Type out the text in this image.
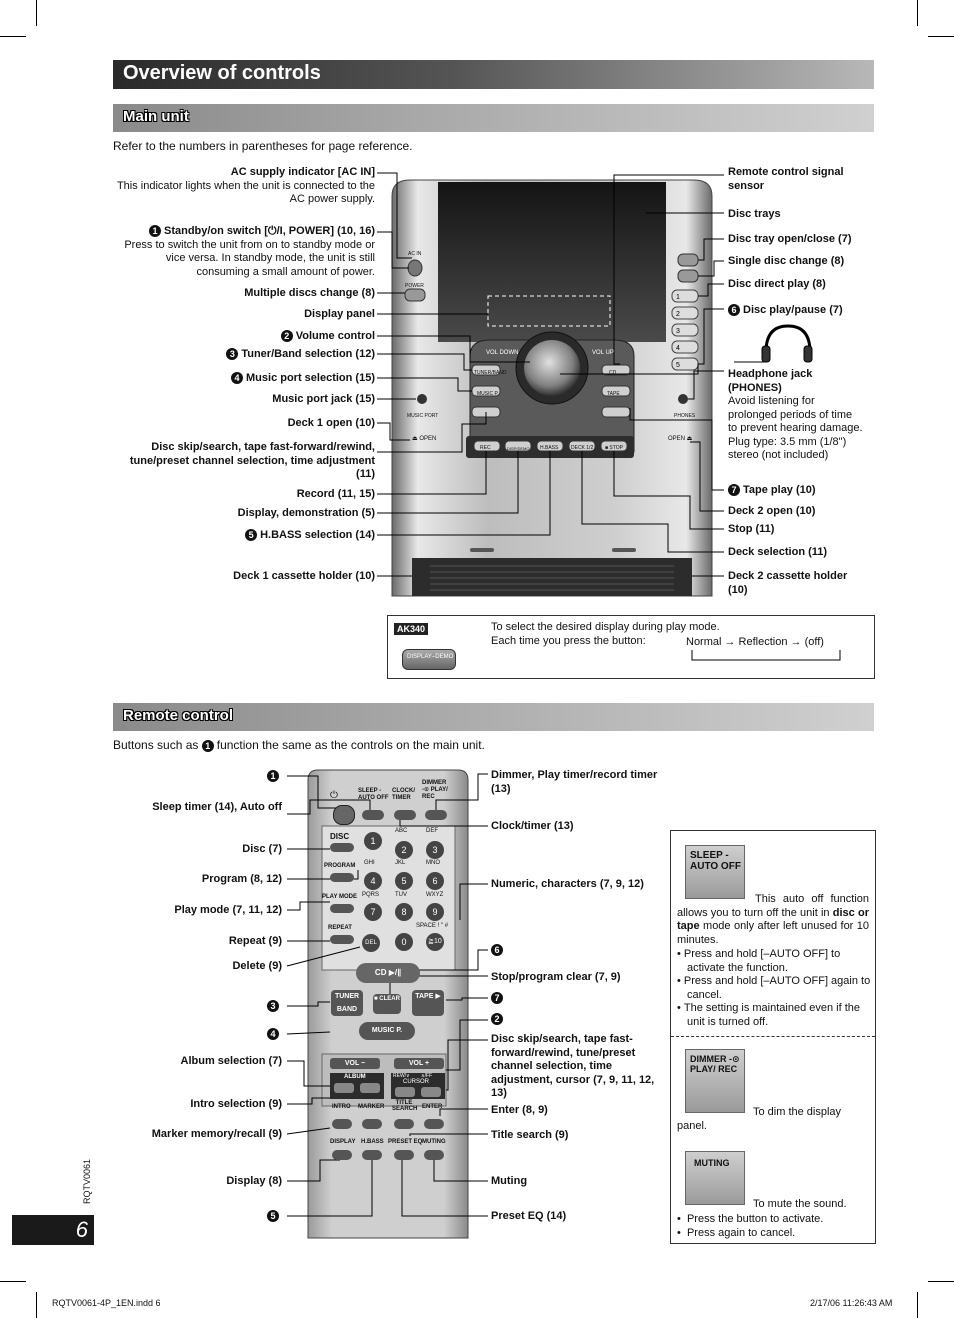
Overview of controls
Main unit
Refer to the numbers in parentheses for page reference.
1
2
3
4
5
VOL DOWN	VOL UP
TUNER/BAND
MUSIC P.
CD
TAPE
MUSIC PORT	PHONES
⏏ OPEN	OPEN ⏏
REC	DISP/DEMO H.BASS	DECK 1/2 ■ STOP
AC IN
POWER
AC supply indicator [AC IN]
This indicator lights when the unit is connected to the AC power supply.
1 Standby/on switch [⏻/I, POWER] (10, 16)
Press to switch the unit from on to standby mode or vice versa. In standby mode, the unit is still consuming a small amount of power.
Multiple discs change (8)
Display panel
2 Volume control
3 Tuner/Band selection (12)
4 Music port selection (15)
Music port jack (15)
Deck 1 open (10)
Disc skip/search, tape fast-forward/rewind, tune/preset channel selection, time adjustment (11)
Record (11, 15)
Display, demonstration (5)
5 H.BASS selection (14)
Deck 1 cassette holder (10)
Remote control signal sensor
Disc trays
Disc tray open/close (7)
Single disc change (8)
Disc direct play (8)
6 Disc play/pause (7)
Headphone jack (PHONES)
Avoid listening for prolonged periods of time to prevent hearing damage.
Plug type: 3.5 mm (1/8") stereo (not included)
7 Tape play (10)
Deck 2 open (10)
Stop (11)
Deck selection (11)
Deck 2 cassette holder (10)
AK340
DISPLAY–DEMO
To select the desired display during play mode.
Each time you press the button:	Normal → Reflection → (off)
Remote control
Buttons such as 1 function the same as the controls on the main unit.
⏻	SLEEP -AUTO OFF
CLOCK/ TIMER
DIMMER -⊙ PLAY/ REC
DISC
PROGRAM
PLAY MODE
REPEAT
DEL
1
ABC
2
DEF
3
GHI
4
JKL
5
MNO
6
PQRS
7
TUV
8
WXYZ
9
SPACE ! " #
0	≧10
CD ▶/∥
TUNER BAND
■ CLEAR	TAPE ▶
MUSIC P.
VOL −	VOL +
ALBUM	REW/∨ ∧/FF
CURSOR
INTRO MARKER
TITLE SEARCH ENTER
DISPLAY H.BASS PRESET EQ MUTING
1
Sleep timer (14), Auto off
Disc (7)
Program (8, 12)
Play mode (7, 11, 12)
Repeat (9)
Delete (9)
3
4
Album selection (7)
Intro selection (9)
Marker memory/recall (9)
Display (8)
5
Dimmer, Play timer/record timer (13)
Clock/timer (13)
Numeric, characters (7, 9, 12)
6
Stop/program clear (7, 9)
7
2
Disc skip/search, tape fast-forward/rewind, tune/preset channel selection, time adjustment, cursor (7, 9, 11, 12, 13)
Enter (8, 9)
Title search (9)
Muting
Preset EQ (14)
SLEEP -AUTO OFF
This auto off function allows you to turn off the unit in disc or tape mode only after left unused for 10 minutes.
• Press and hold [–AUTO OFF] to activate the function.
• Press and hold [–AUTO OFF] again to cancel.
• The setting is maintained even if the unit is turned off.
DIMMER -⊙ PLAY/ REC
To dim the display panel.
MUTING
To mute the sound.
•  Press the button to activate.
•  Press again to cancel.
RQTV0061
6
RQTV0061-4P_1EN.indd 6	2/17/06 11:26:43 AM
